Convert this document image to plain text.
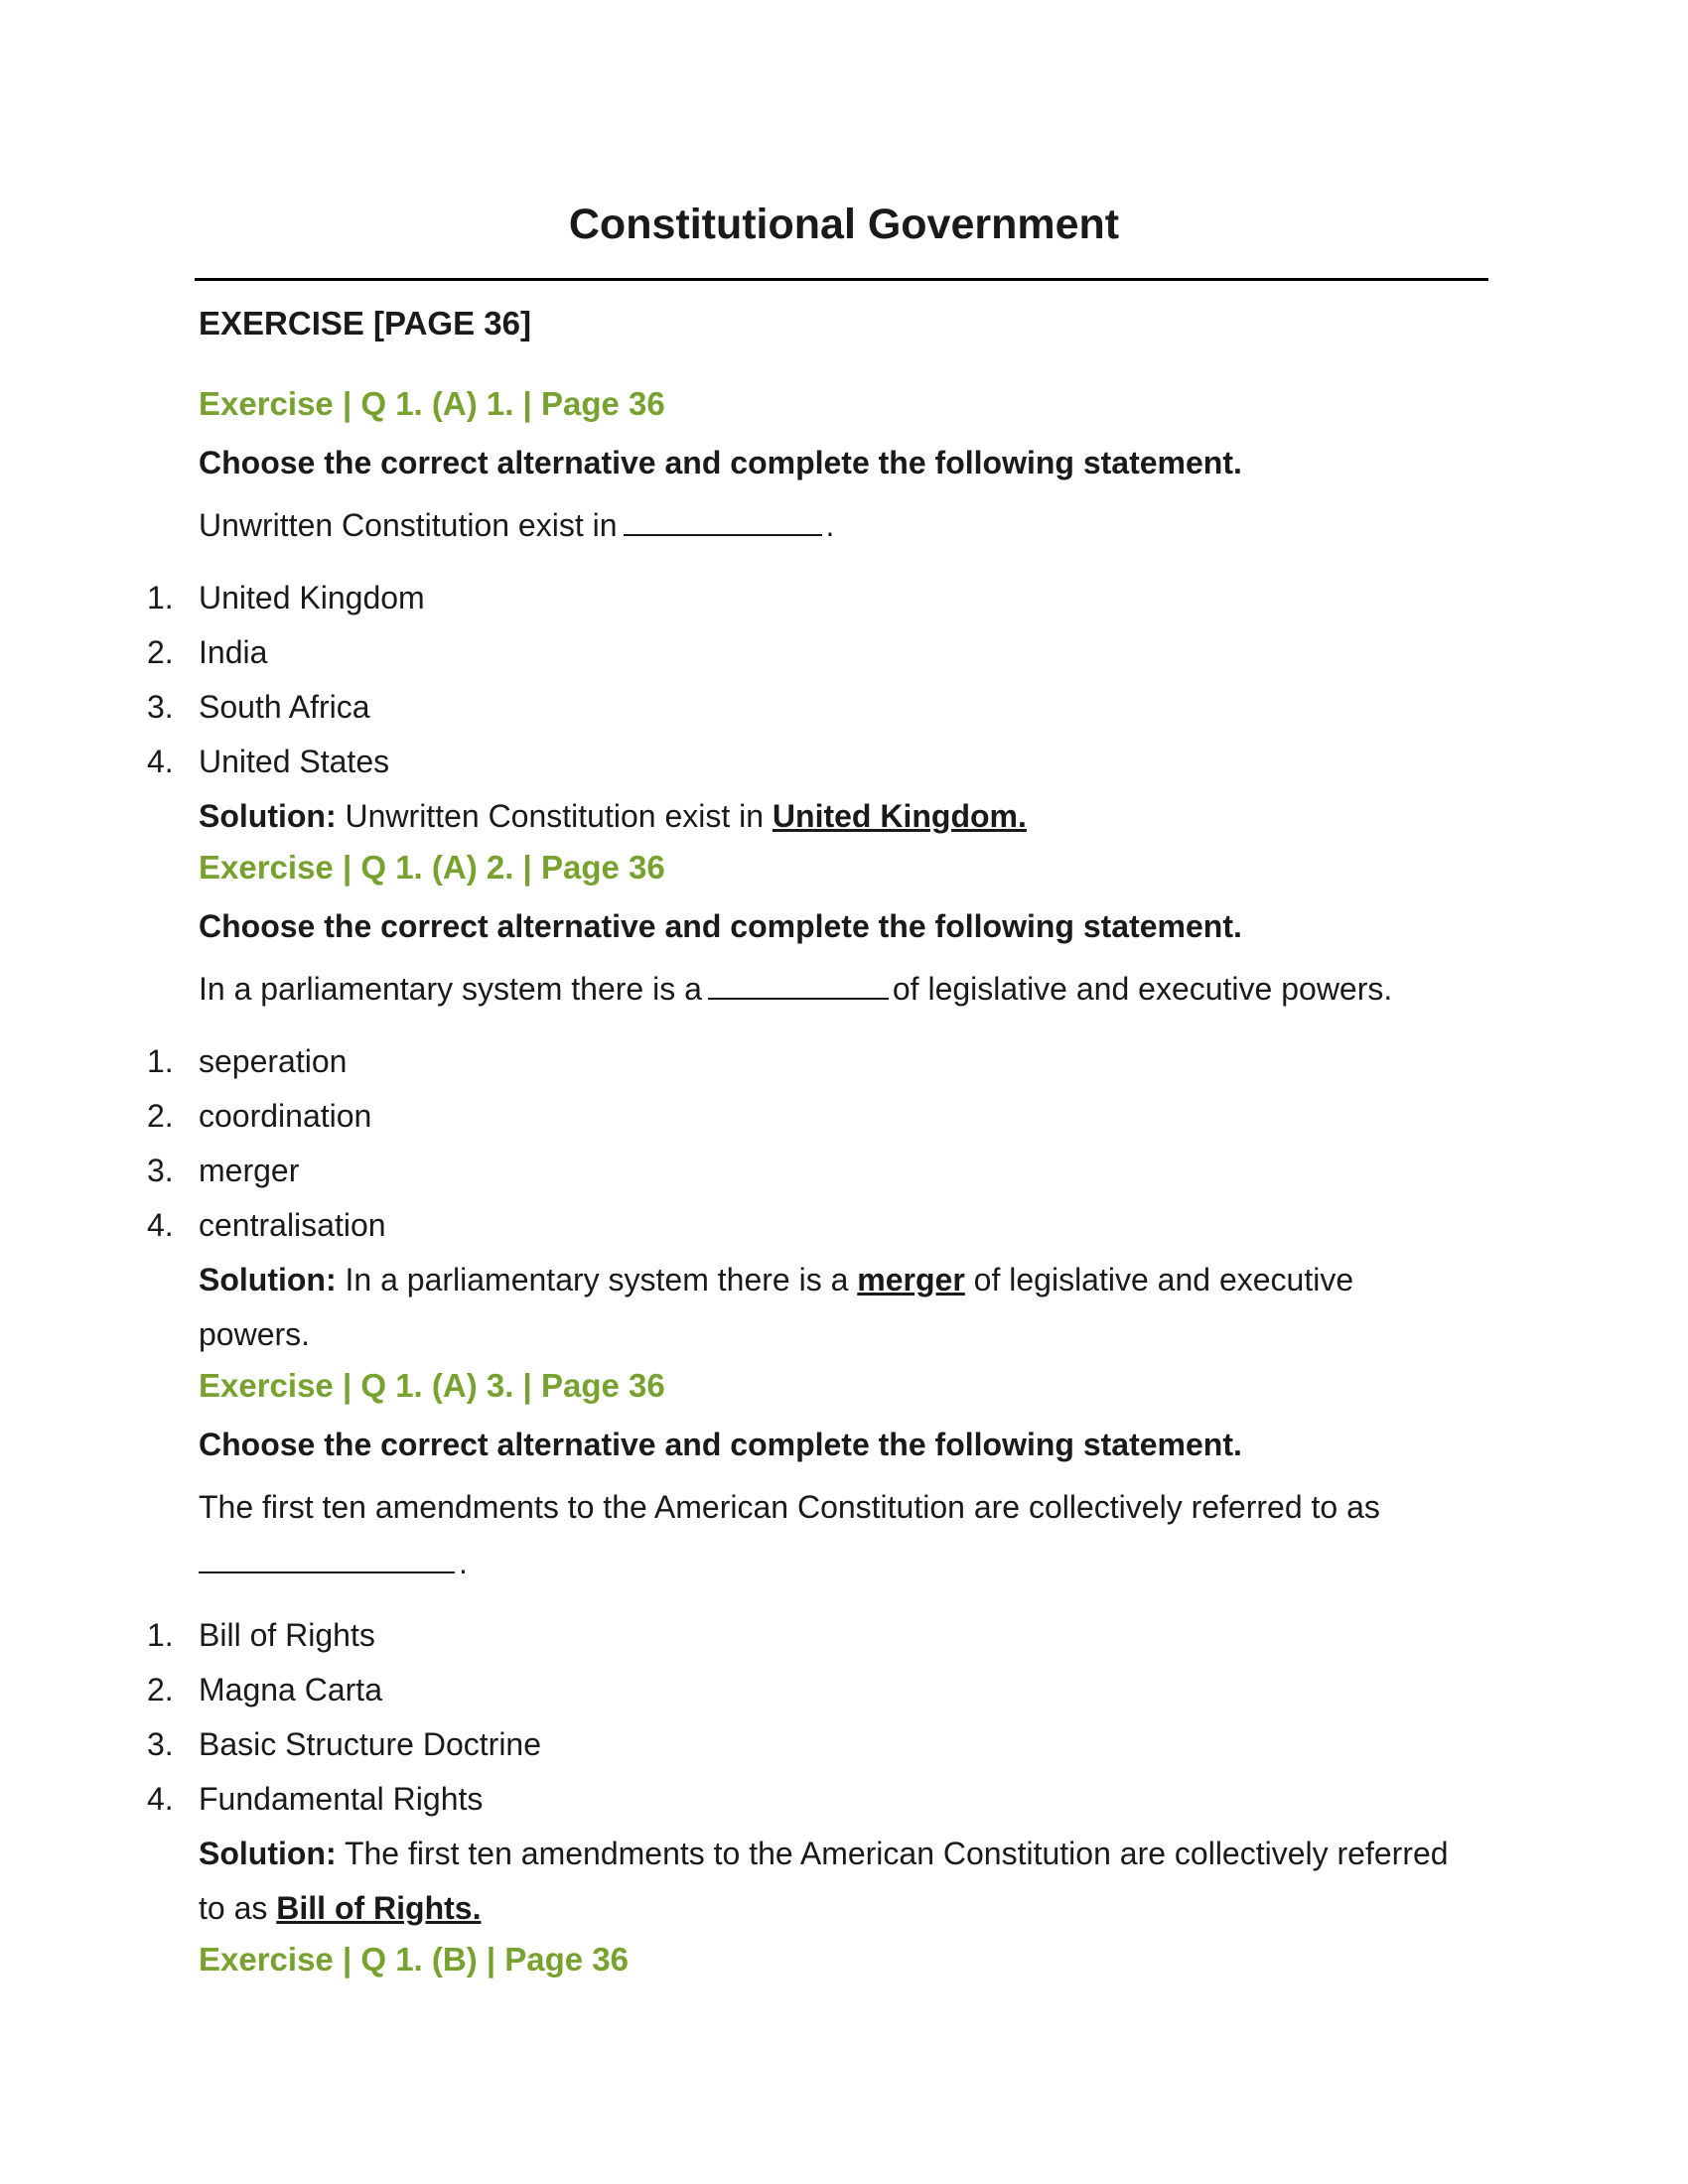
Constitutional Government
EXERCISE [PAGE 36]
Exercise | Q 1. (A) 1. | Page 36
Choose the correct alternative and complete the following statement.
Unwritten Constitution exist in	.
1. United Kingdom
2. India
3. South Africa
4. United States

Solution: Unwritten Constitution exist in United Kingdom.

Exercise | Q 1. (A) 2. | Page 36
Choose the correct alternative and complete the following statement.
In a parliamentary system there is a	of legislative and executive powers.
1. seperation
2. coordination
3. merger
4. centralisation

Solution: In a parliamentary system there is a merger of legislative and executive powers.

Exercise | Q 1. (A) 3. | Page 36
Choose the correct alternative and complete the following statement.
The first ten amendments to the American Constitution are collectively referred to as .
1. Bill of Rights
2. Magna Carta
3. Basic Structure Doctrine
4. Fundamental Rights

Solution: The first ten amendments to the American Constitution are collectively referred to as Bill of Rights.

Exercise | Q 1. (B) | Page 36
